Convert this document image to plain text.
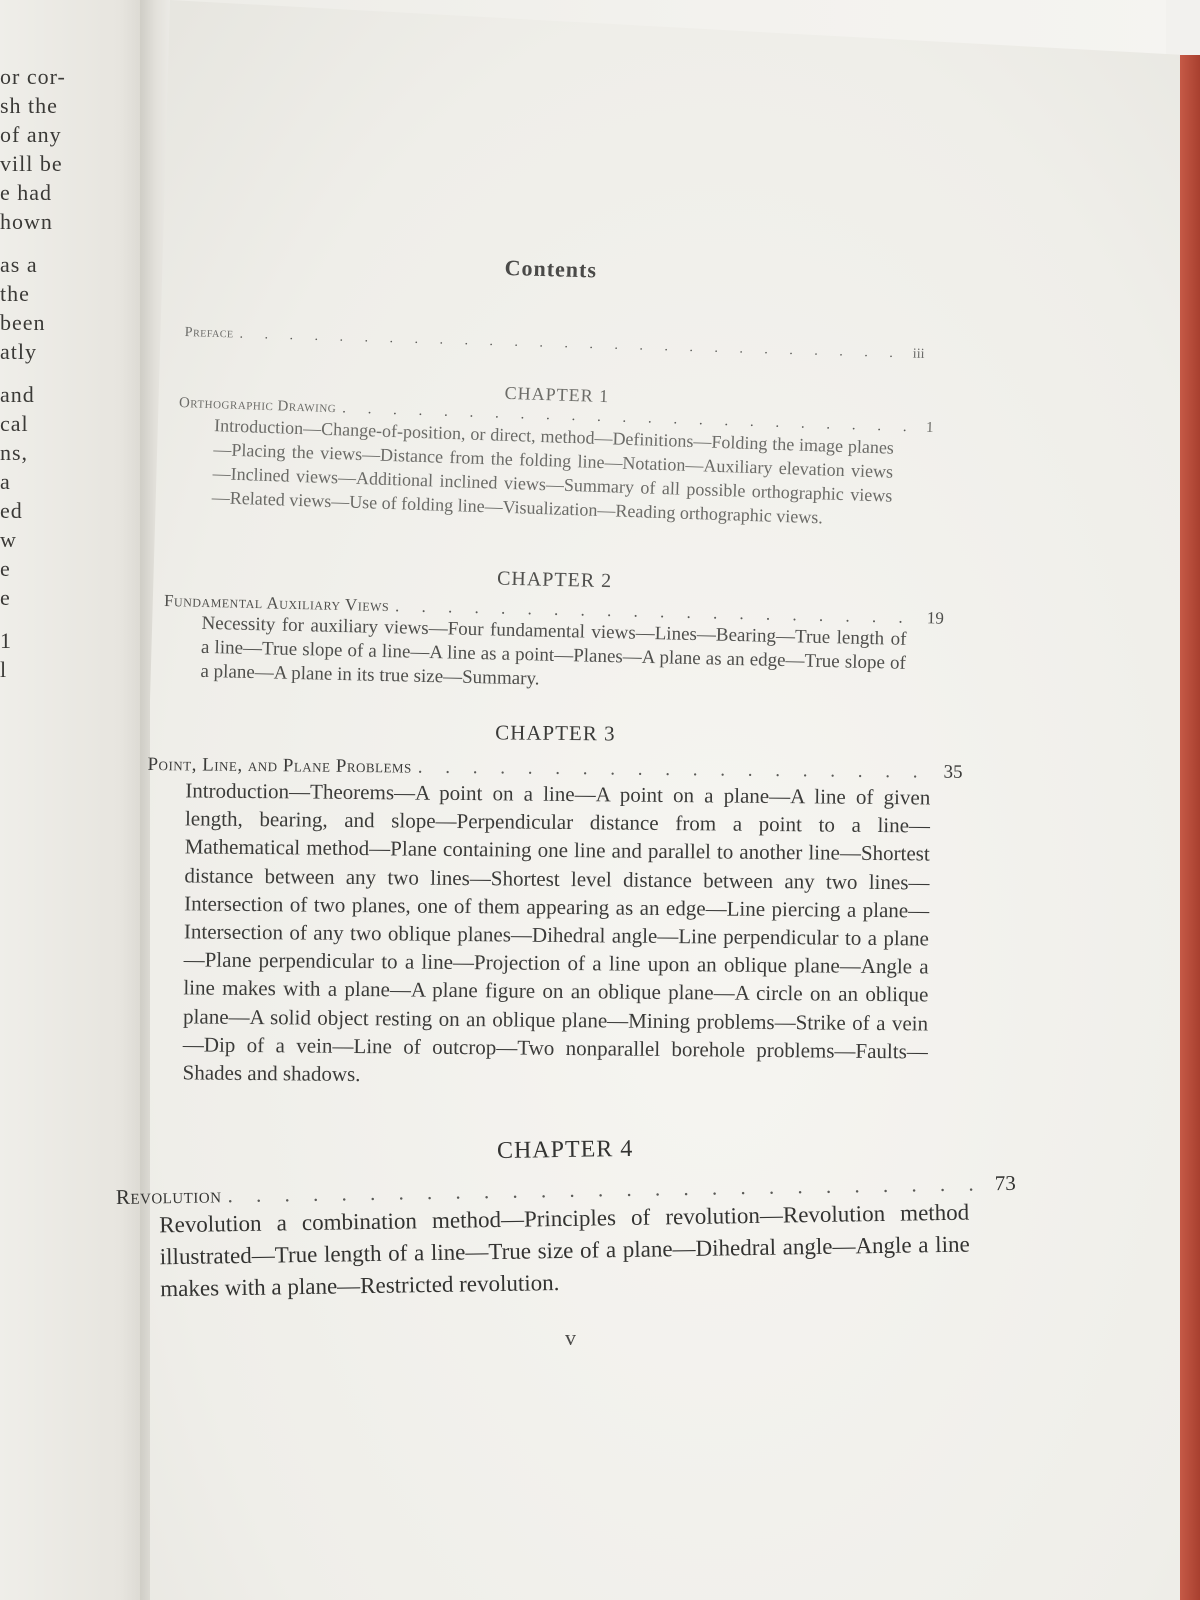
or cor-
sh the
of any
vill be
e had
hown
as a
the
been
atly
and
cal
ns,
a
ed
w
e
e
1
l
Contents
Preface
. . .
iii
CHAPTER 1
Orthographic Drawing
. . .
1
Introduction—Change-of-position, or direct, method—Definitions—Folding the image planes—Placing the views—Distance from the folding line—Notation—Auxiliary elevation views—Inclined views—Additional inclined views—Summary of all possible orthographic views—Related views—Use of folding line—Visualization—Reading orthographic views.
CHAPTER 2
Fundamental Auxiliary Views
. . .
19
Necessity for auxiliary views—Four fundamental views—Lines—Bearing—True length of a line—True slope of a line—A line as a point—Planes—A plane as an edge—True slope of a plane—A plane in its true size—Summary.
CHAPTER 3
Point, Line, and Plane Problems
. . .	35
Introduction—Theorems—A point on a line—A point on a plane—A line of given length, bearing, and slope—Perpendicular distance from a point to a line—Mathematical method—Plane containing one line and parallel to another line—Shortest distance between any two lines—Shortest level distance between any two lines—Intersection of two planes, one of them appearing as an edge—Line piercing a plane—Intersection of any two oblique planes—Dihedral angle—Line perpendicular to a plane—Plane perpendicular to a line—Projection of a line upon an oblique plane—Angle a line makes with a plane—A plane figure on an oblique plane—A circle on an oblique plane—A solid object resting on an oblique plane—Mining problems—Strike of a vein—Dip of a vein—Line of outcrop—Two nonparallel borehole problems—Faults—Shades and shadows.
CHAPTER 4
Revolution
. . .
73
Revolution a combination method—Principles of revolution—Revolution method illustrated—True length of a line—True size of a plane—Dihedral angle—Angle a line makes with a plane—Restricted revolution.
v
